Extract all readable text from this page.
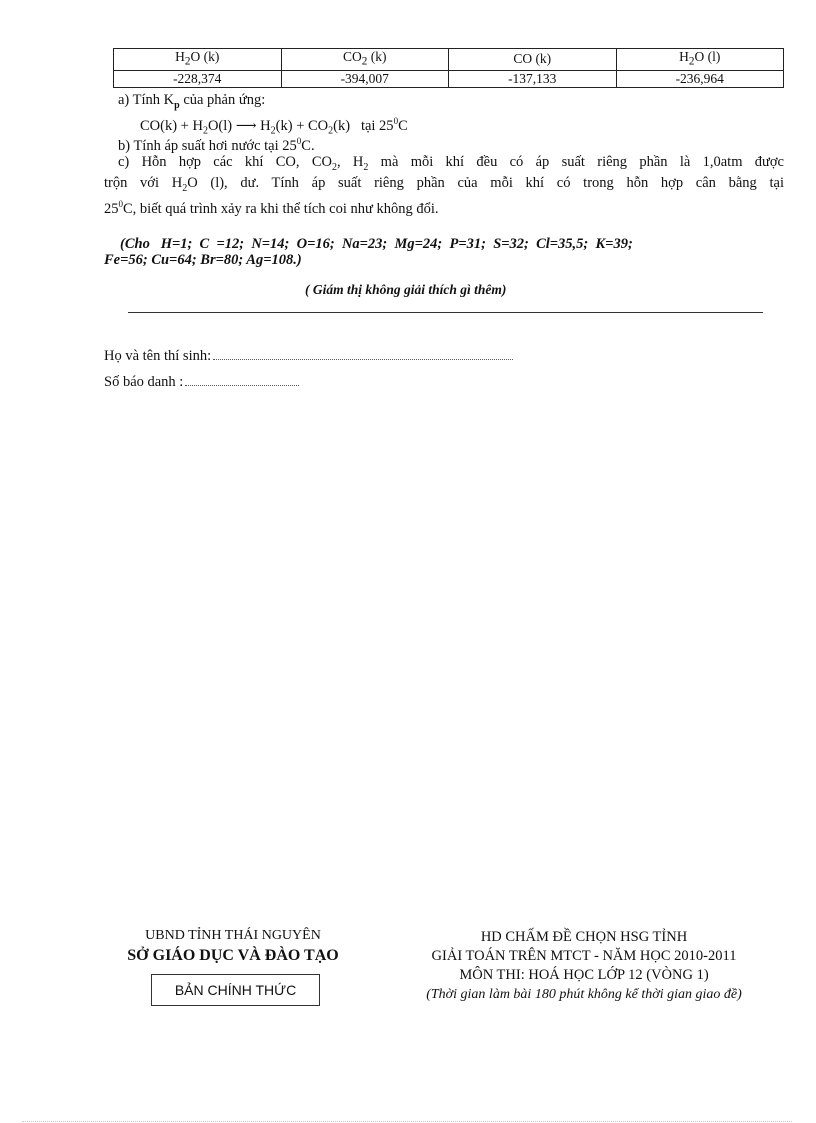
$H_2O$ (k)	$CO_2$ (k)	CO (k)	$H_2O$ (l)
-228,374	-394,007	-137,133	-236,964
a) Tính $K_p$ của phản ứng:
$CO(k) + H_2O(l)$ ⟶ $H_2(k) + CO_2(k)$ tại $25^0C$
b) Tính áp suất hơi nước tại $25^0C$.
c) Hỗn hợp các khí CO, $CO_2$, $H_2$ mà mỗi khí đều có áp suất riêng phần là 1,0atm được
trộn với $H_2O$ (l), dư. Tính áp suất riêng phần của mỗi khí có trong hỗn hợp cân bằng tại
$25^0C$, biết quá trình xảy ra khi thể tích coi như không đổi.
(Cho   H=1;  C  =12;  N=14;  O=16;  Na=23;  Mg=24;  P=31;  S=32;  Cl=35,5;  K=39;
Fe=56; Cu=64; Br=80; Ag=108.)
( Giám thị không giải thích gì thêm)
Họ và tên thí sinh:
Số báo danh :
UBND TỈNH THÁI NGUYÊN
SỞ GIÁO DỤC VÀ ĐÀO TẠO
BẢN CHÍNH THỨC
HD CHẤM ĐỀ CHỌN HSG TỈNH
GIẢI TOÁN TRÊN MTCT - NĂM HỌC 2010-2011
MÔN THI: HOÁ HỌC LỚP 12 (VÒNG 1)
(Thời gian làm bài 180 phút không kể thời gian giao đề)
